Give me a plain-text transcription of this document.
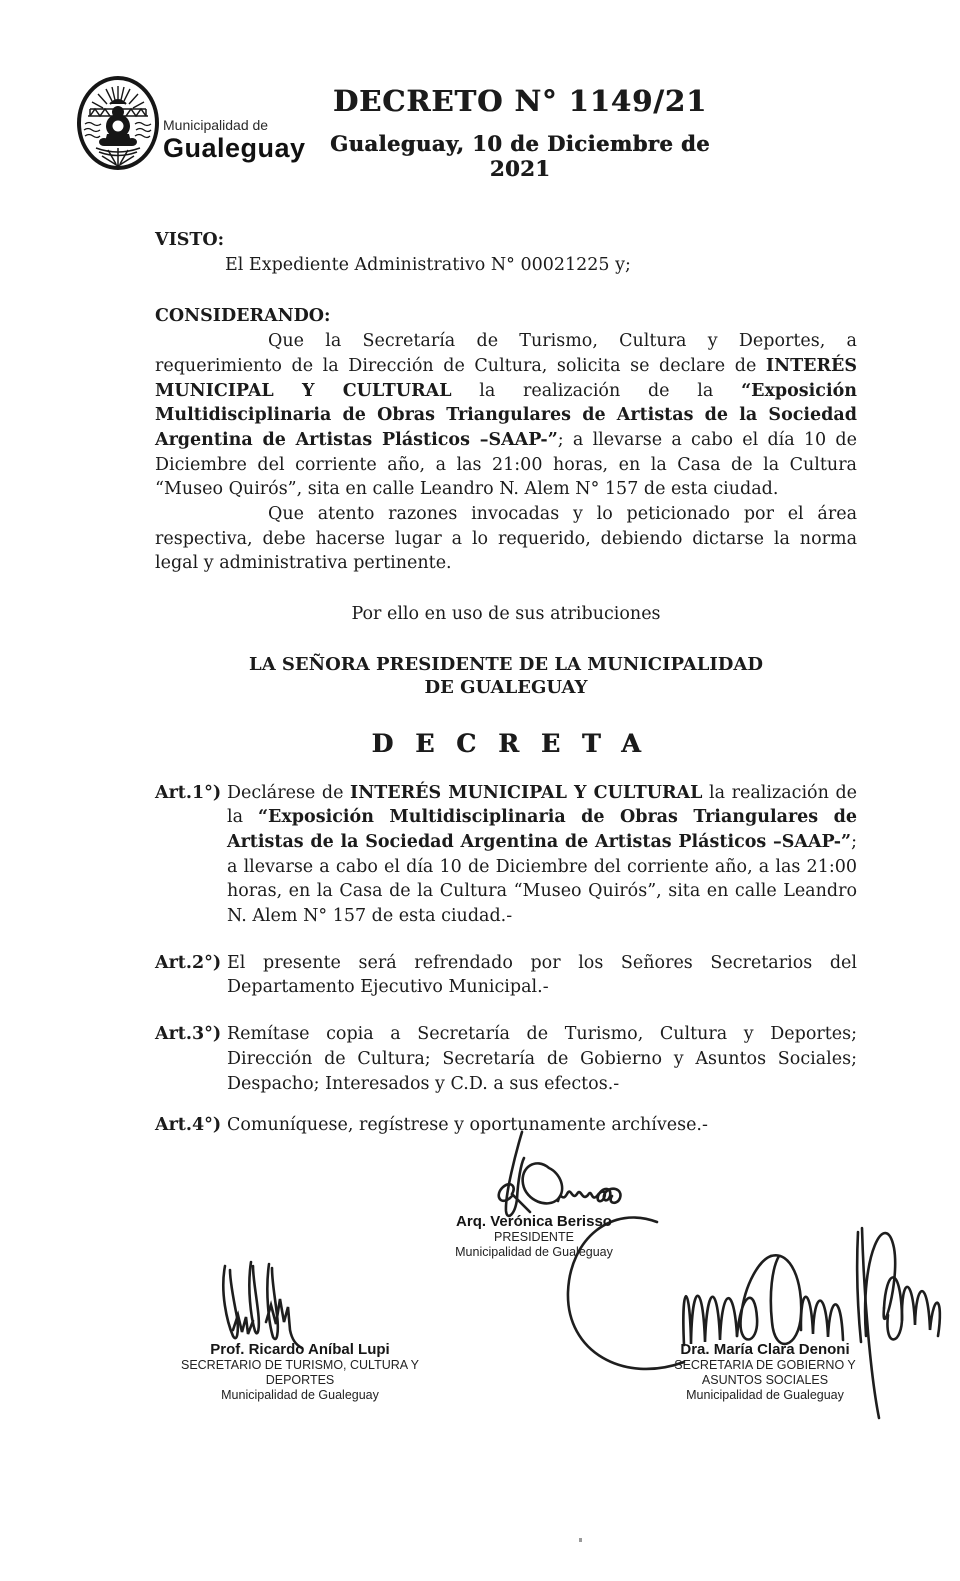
Municipalidad de
Gualeguay
DECRETO N° 1149/21
Gualeguay, 10 de Diciembre de 2021
VISTO:

El Expediente Administrativo N° 00021225 y;

CONSIDERANDO:

Que la Secretaría de Turismo, Cultura y Deportes, a requerimiento de la Dirección de Cultura, solicita se declare de INTERÉS MUNICIPAL Y CULTURAL la realización de la “Exposición Multidisciplinaria de Obras Triangulares de Artistas de la Sociedad Argentina de Artistas Plásticos –SAAP-”; a llevarse a cabo el día 10 de Diciembre del corriente año, a las 21:00 horas, en la Casa de la Cultura “Museo Quirós”, sita en calle Leandro N. Alem N° 157 de esta ciudad.

Que atento razones invocadas y lo peticionado por el área respectiva, debe hacerse lugar a lo requerido, debiendo dictarse la norma legal y administrativa pertinente.

Por ello en uso de sus atribuciones

LA SEÑORA PRESIDENTE DE LA MUNICIPALIDAD
DE GUALEGUAY
DECRETA
Art.1°) Declárese de INTERÉS MUNICIPAL Y CULTURAL la realización de la “Exposición Multidisciplinaria de Obras Triangulares de Artistas de la Sociedad Argentina de Artistas Plásticos –SAAP-”; a llevarse a cabo el día 10 de Diciembre del corriente año, a las 21:00 horas, en la Casa de la Cultura “Museo Quirós”, sita en calle Leandro N. Alem N° 157 de esta ciudad.-

Art.2°) El presente será refrendado por los Señores Secretarios del Departamento Ejecutivo Municipal.-

Art.3°) Remítase copia a Secretaría de Turismo, Cultura y Deportes; Dirección de Cultura; Secretaría de Gobierno y Asuntos Sociales; Despacho; Interesados y C.D. a sus efectos.-

Art.4°) Comuníquese, regístrese y oportunamente archívese.-

Arq. Verónica Berisso
PRESIDENTE
Municipalidad de Gualeguay
Prof. Ricardo Aníbal Lupi
SECRETARIO DE TURISMO, CULTURA Y
DEPORTES
Municipalidad de Gualeguay
Dra. María Clara Denoni
SECRETARIA DE GOBIERNO Y
ASUNTOS SOCIALES
Municipalidad de Gualeguay
